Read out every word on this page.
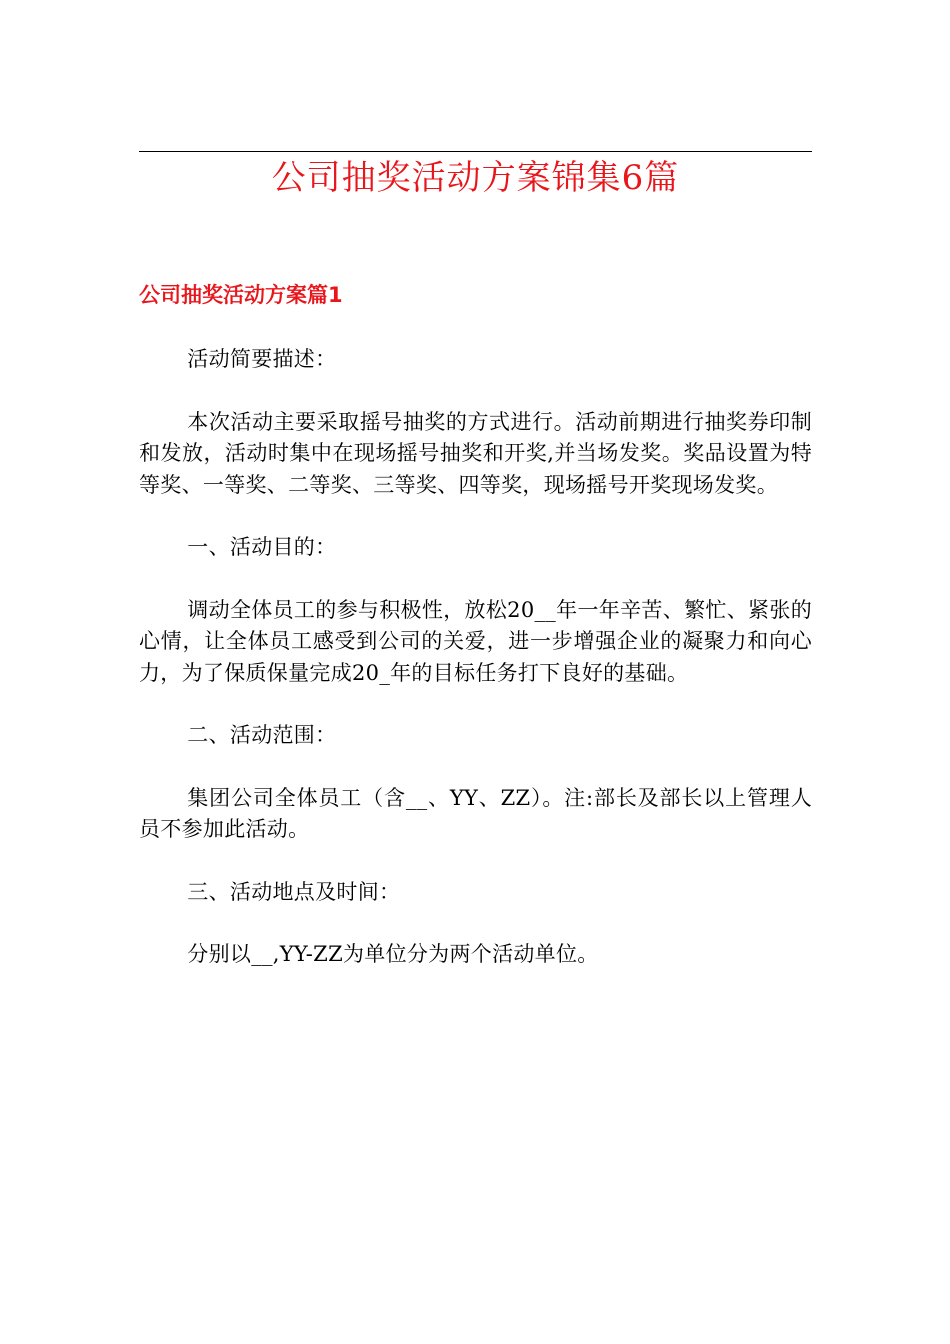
公司抽奖活动方案锦集6篇
公司抽奖活动方案篇1

活动简要描述：

本次活动主要采取摇号抽奖的方式进行。活动前期进行抽奖券印制和发放，活动时集中在现场摇号抽奖和开奖,并当场发奖。奖品设置为特等奖、一等奖、二等奖、三等奖、四等奖，现场摇号开奖现场发奖。

一、活动目的：

调动全体员工的参与积极性，放松20__年一年辛苦、繁忙、紧张的心情，让全体员工感受到公司的关爱，进一步增强企业的凝聚力和向心力，为了保质保量完成20_年的目标任务打下良好的基础。

二、活动范围：

集团公司全体员工（含__、YY、ZZ）。注:部长及部长以上管理人员不参加此活动。

三、活动地点及时间：

分别以__,YY-ZZ为单位分为两个活动单位。
